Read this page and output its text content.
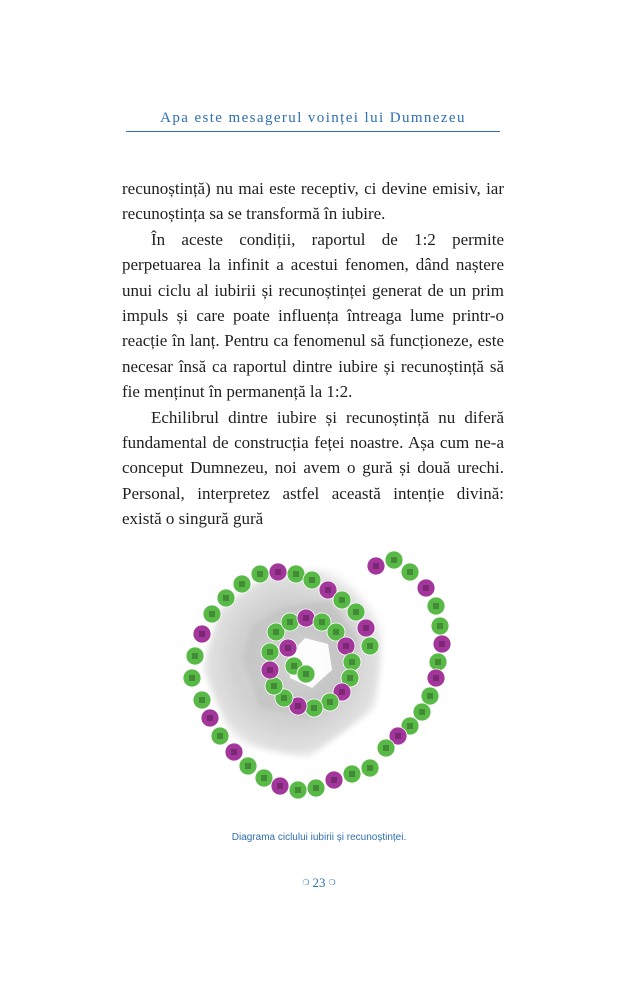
Apa este mesagerul voinței lui Dumnezeu

recunoștință) nu mai este receptiv, ci devine emisiv, iar recunoștința sa se transformă în iubire.

În aceste condiții, raportul de 1:2 permite perpetuarea la infinit a acestui fenomen, dând naștere unui ciclu al iubirii și recunoștinței generat de un prim impuls și care poate influența întreaga lume printr-o reacție în lanț. Pentru ca fenomenul să funcționeze, este necesar însă ca raportul dintre iubire și recunoștință să fie menținut în permanență la 1:2.

Echilibrul dintre iubire și recunoștință nu diferă fundamental de construcția feței noastre. Așa cum ne-a conceput Dumnezeu, noi avem o gură și două urechi. Personal, interpretez astfel această intenție divină: există o singură gură

Diagrama ciclului iubirii și recunoștinței.
❍ 23 ❍
